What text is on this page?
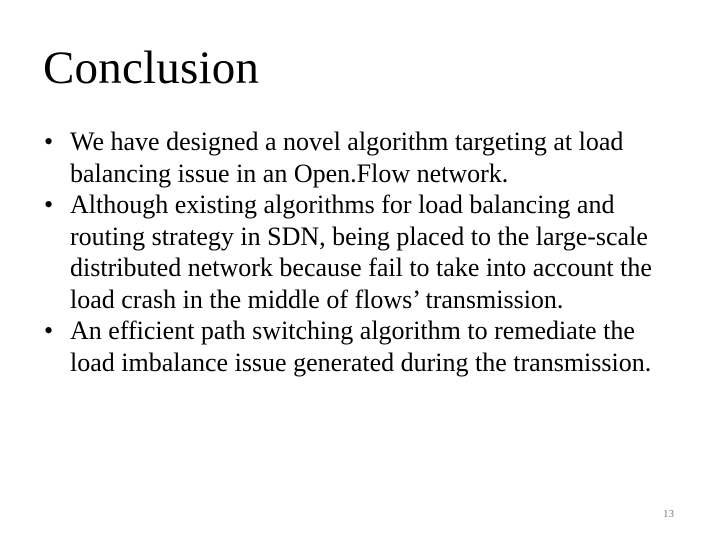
Conclusion
• We have designed a novel algorithm targeting at load balancing issue in an Open.Flow network.
• Although existing algorithms for load balancing and routing strategy in SDN, being placed to the large-scale distributed network because fail to take into account the load crash in the middle of flows’ transmission.
• An efficient path switching algorithm to remediate the load imbalance issue generated during the transmission.
13
